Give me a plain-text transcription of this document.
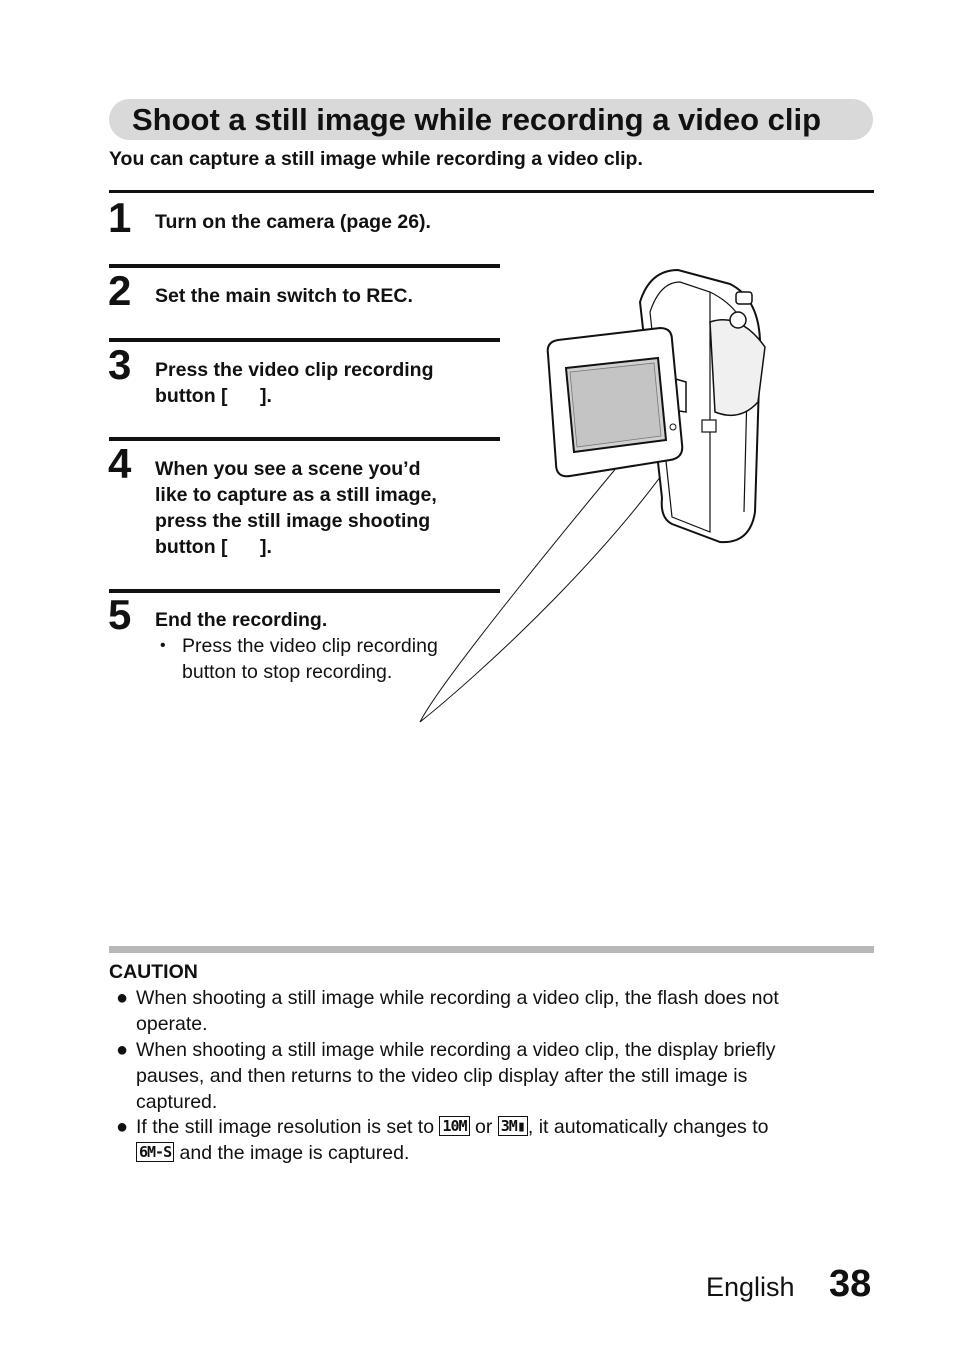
Shoot a still image while recording a video clip
You can capture a still image while recording a video clip.
1 Turn on the camera (page 26).
2 Set the main switch to REC.
3 Press the video clip recording
button [      ].
4 When you see a scene you’d
like to capture as a still image,
press the still image shooting
button [      ].
5 End the recording.
• Press the video clip recording
button to stop recording.
CAUTION
● When shooting a still image while recording a video clip, the flash does not
operate.
● When shooting a still image while recording a video clip, the display briefly
pauses, and then returns to the video clip display after the still image is
captured.
● If the still image resolution is set to 10M or 3M▮ , it automatically changes to
6M-S and the image is captured.
English 38
